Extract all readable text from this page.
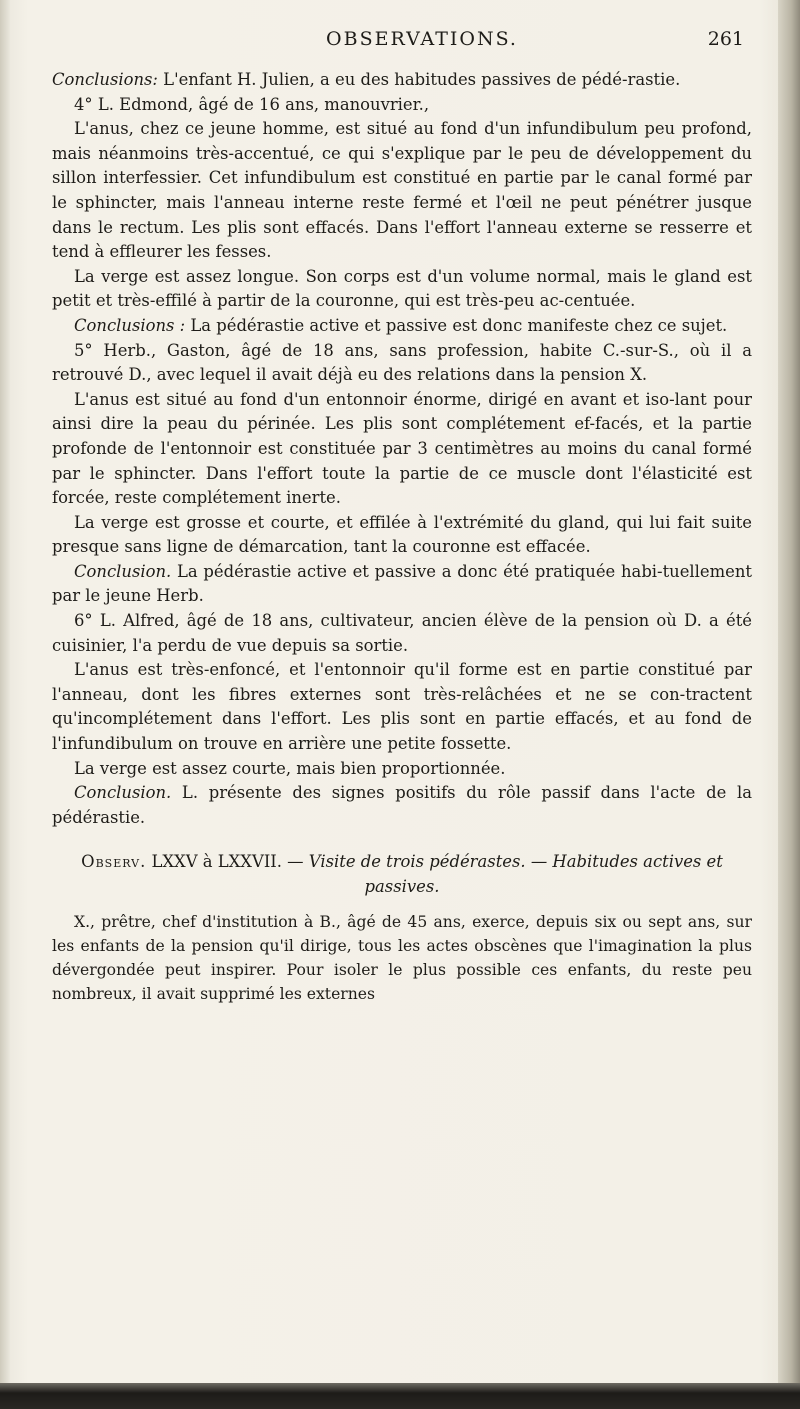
OBSERVATIONS.	261

Conclusions: L'enfant H. Julien, a eu des habitudes passives de pédé-rastie.

4° L. Edmond, âgé de 16 ans, manouvrier.,

L'anus, chez ce jeune homme, est situé au fond d'un infundibulum peu profond, mais néanmoins très-accentué, ce qui s'explique par le peu de développement du sillon interfessier. Cet infundibulum est constitué en partie par le canal formé par le sphincter, mais l'anneau interne reste fermé et l'œil ne peut pénétrer jusque dans le rectum. Les plis sont effacés. Dans l'effort l'anneau externe se resserre et tend à effleurer les fesses.

La verge est assez longue. Son corps est d'un volume normal, mais le gland est petit et très-effilé à partir de la couronne, qui est très-peu ac-centuée.

Conclusions : La pédérastie active et passive est donc manifeste chez ce sujet.

5° Herb., Gaston, âgé de 18 ans, sans profession, habite C.-sur-S., où il a retrouvé D., avec lequel il avait déjà eu des relations dans la pension X.

L'anus est situé au fond d'un entonnoir énorme, dirigé en avant et iso-lant pour ainsi dire la peau du périnée. Les plis sont complétement ef-facés, et la partie profonde de l'entonnoir est constituée par 3 centimètres au moins du canal formé par le sphincter. Dans l'effort toute la partie de ce muscle dont l'élasticité est forcée, reste complétement inerte.

La verge est grosse et courte, et effilée à l'extrémité du gland, qui lui fait suite presque sans ligne de démarcation, tant la couronne est effacée.

Conclusion. La pédérastie active et passive a donc été pratiquée habi-tuellement par le jeune Herb.

6° L. Alfred, âgé de 18 ans, cultivateur, ancien élève de la pension où D. a été cuisinier, l'a perdu de vue depuis sa sortie.

L'anus est très-enfoncé, et l'entonnoir qu'il forme est en partie constitué par l'anneau, dont les fibres externes sont très-relâchées et ne se con-tractent qu'incomplétement dans l'effort. Les plis sont en partie effacés, et au fond de l'infundibulum on trouve en arrière une petite fossette.

La verge est assez courte, mais bien proportionnée.

Conclusion. L. présente des signes positifs du rôle passif dans l'acte de la pédérastie.

Observ. LXXV à LXXVII. — Visite de trois pédérastes. — Habitudes actives et passives.

X., prêtre, chef d'institution à B., âgé de 45 ans, exerce, depuis six ou sept ans, sur les enfants de la pension qu'il dirige, tous les actes obscènes que l'imagination la plus dévergondée peut inspirer. Pour isoler le plus possible ces enfants, du reste peu nombreux, il avait supprimé les externes
